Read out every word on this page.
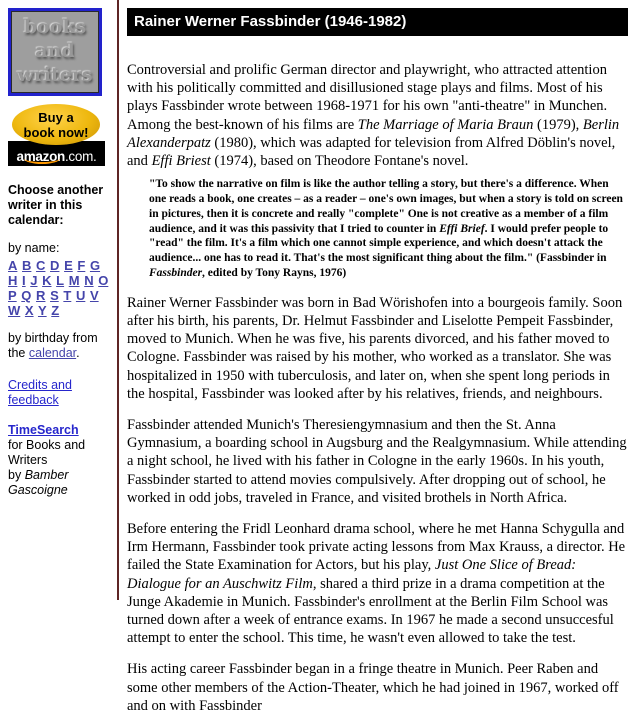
books
and
writers
Buy a
book now!
amazon.com.
Choose another writer in this calendar:
by name:
A B C D E F G H I J K L M N O P Q R S T U V W X Y Z
by birthday from the calendar.
Credits and feedback
TimeSearch
for Books and Writers
by Bamber Gascoigne
Rainer Werner Fassbinder (1946-1982)

Controversial and prolific German director and playwright, who attracted attention with his politically committed and disillusioned stage plays and films. Most of his plays Fassbinder wrote between 1968-1971 for his own "anti-theatre" in Munchen. Among the best-known of his films are The Marriage of Maria Braun (1979), Berlin Alexanderpatz (1980), which was adapted for television from Alfred Döblin's novel, and Effi Briest (1974), based on Theodore Fontane's novel.

"To show the narrative on film is like the author telling a story, but there's a difference. When one reads a book, one creates – as a reader – one's own images, but when a story is told on screen in pictures, then it is concrete and really "complete" One is not creative as a member of a film audience, and it was this passivity that I tried to counter in Effi Brief. I would prefer people to "read" the film. It's a film which one cannot simple experience, and which doesn't attack the audience... one has to read it. That's the most significant thing about the film." (Fassbinder in Fassbinder, edited by Tony Rayns, 1976)

Rainer Werner Fassbinder was born in Bad Wörishofen into a bourgeois family. Soon after his birth, his parents, Dr. Helmut Fassbinder and Liselotte Pempeit Fassbinder, moved to Munich. When he was five, his parents divorced, and his father moved to Cologne. Fassbinder was raised by his mother, who worked as a translator. She was hospitalized in 1950 with tuberculosis, and later on, when she spent long periods in the hospital, Fassbinder was looked after by his relatives, friends, and neighbours.

Fassbinder attended Munich's Theresiengymnasium and then the St. Anna Gymnasium, a boarding school in Augsburg and the Realgymnasium. While attending a night school, he lived with his father in Cologne in the early 1960s. In his youth, Fassbinder started to attend movies compulsively. After dropping out of school, he worked in odd jobs, traveled in France, and visited brothels in North Africa.

Before entering the Fridl Leonhard drama school, where he met Hanna Schygulla and Irm Hermann, Fassbinder took private acting lessons from Max Krauss, a director. He failed the State Examination for Actors, but his play, Just One Slice of Bread: Dialogue for an Auschwitz Film, shared a third prize in a drama competition at the Junge Akademie in Munich. Fassbinder's enrollment at the Berlin Film School was turned down after a week of entrance exams. In 1967 he made a second unsuccesful attempt to enter the school. This time, he wasn't even allowed to take the test.

His acting career Fassbinder began in a fringe theatre in Munich. Peer Raben and some other members of the Action-Theater, which he had joined in 1967, worked off and on with Fassbinder
